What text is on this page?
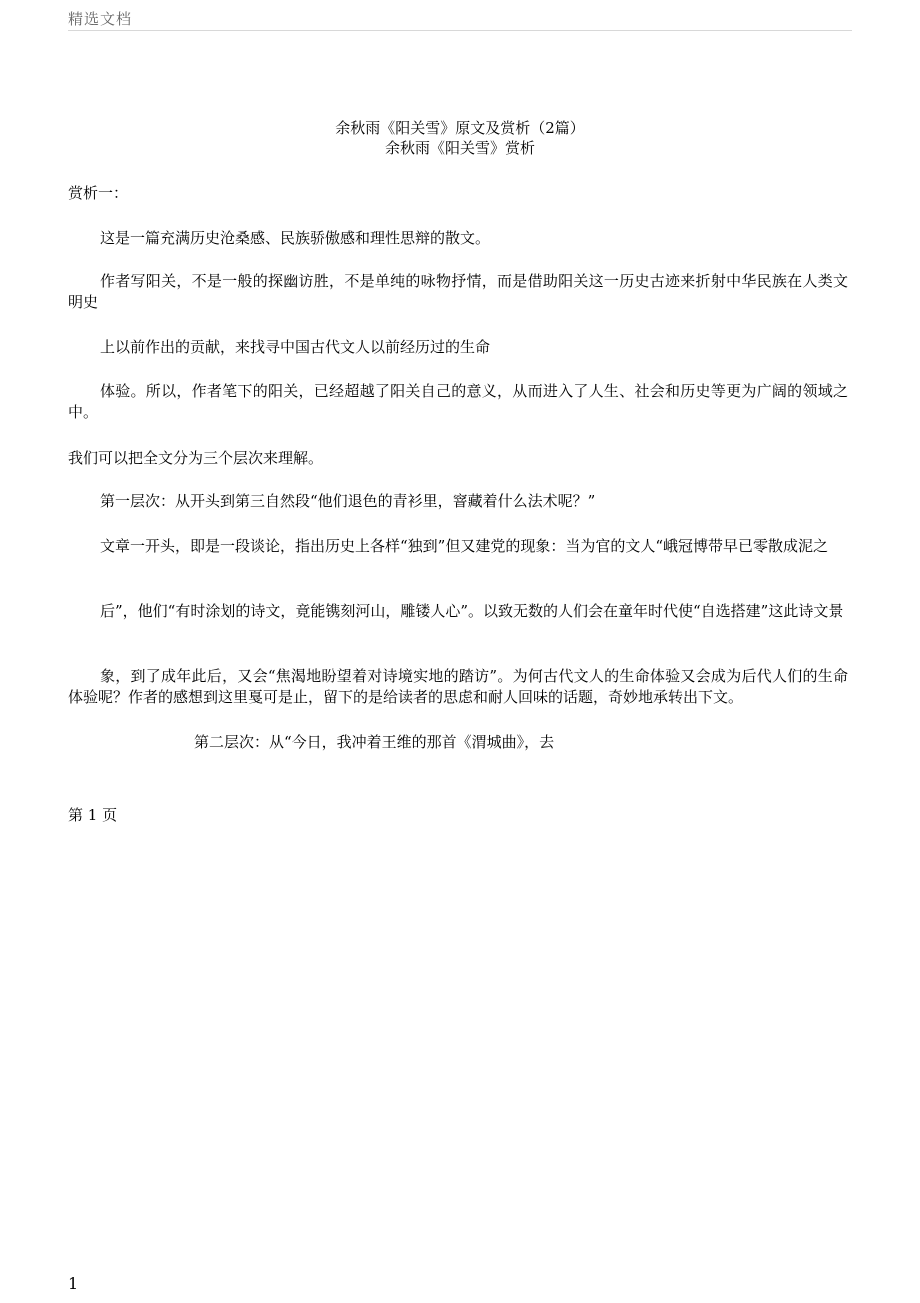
精选文档
余秋雨《阳关雪》原文及赏析（2篇）
余秋雨《阳关雪》赏析
赏析一：
这是一篇充满历史沧桑感、民族骄傲感和理性思辩的散文。
作者写阳关，不是一般的探幽访胜，不是单纯的咏物抒情，而是借助阳关这一历史古迹来折射中华民族在人类文明史
上以前作出的贡献，来找寻中国古代文人以前经历过的生命
体验。所以，作者笔下的阳关，已经超越了阳关自己的意义，从而进入了人生、社会和历史等更为广阔的领域之中。
我们可以把全文分为三个层次来理解。
第一层次：从开头到第三自然段“他们退色的青衫里，窨藏着什么法术呢？”
文章一开头，即是一段谈论，指出历史上各样“独到”但又建党的现象：当为官的文人“峨冠博带早已零散成泥之
后”，他们“有时涂划的诗文，竟能镌刻河山，雕镂人心”。以致无数的人们会在童年时代使“自选搭建”这此诗文景
象，到了成年此后，又会“焦渴地盼望着对诗境实地的踏访”。为何古代文人的生命体验又会成为后代人们的生命体验呢？作者的感想到这里戛可是止，留下的是给读者的思虑和耐人回味的话题，奇妙地承转出下文。
第二层次：从“今日，我冲着王维的那首《渭城曲》，去
第 1 页
1
